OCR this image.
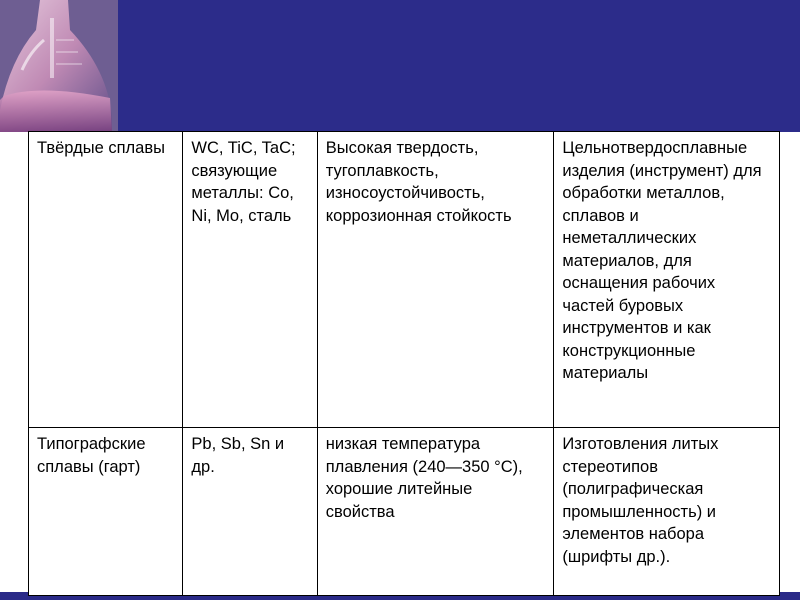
Твёрдые сплавы	WC, TiC, TaC; связующие металлы: Co, Ni, Mo, сталь	Высокая твердость, тугоплавкость, износоустойчивость, коррозионная стойкость	Цельнотвердосплавные изделия (инструмент) для обработки металлов, сплавов и неметаллических материалов, для оснащения рабочих частей буровых инструментов и как конструкционные материалы
Типографские сплавы (гарт)	Pb, Sb, Sn и др.	низкая температура плавления (240—350 °C), хорошие литейные свойства	Изготовления литых стереотипов (полиграфическая промышленность) и элементов набора (шрифты др.).
